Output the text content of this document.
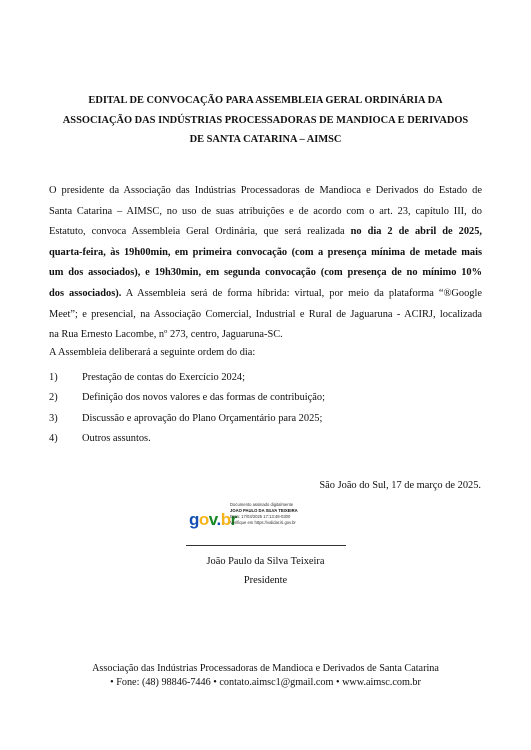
EDITAL DE CONVOCAÇÃO PARA ASSEMBLEIA GERAL ORDINÁRIA DA
ASSOCIAÇÃO DAS INDÚSTRIAS PROCESSADORAS DE MANDIOCA E DERIVADOS
DE SANTA CATARINA – AIMSC
O presidente da Associação das Indústrias Processadoras de Mandioca e Derivados do Estado de
Santa Catarina – AIMSC, no uso de suas atribuições e de acordo com o art. 23, capítulo III, do
Estatuto, convoca Assembleia Geral Ordinária, que será realizada no dia 2 de abril de 2025,
quarta-feira, às 19h00min, em primeira convocação (com a presença mínima de metade mais
um dos associados), e 19h30min, em segunda convocação (com presença de no mínimo 10%
dos associados). A Assembleia será de forma híbrida: virtual, por meio da plataforma “®Google
Meet”; e presencial, na Associação Comercial, Industrial e Rural de Jaguaruna - ACIRJ, localizada
na Rua Ernesto Lacombe, nº 273, centro, Jaguaruna-SC.
A Assembleia deliberará a seguinte ordem do dia:
1)	Prestação de contas do Exercício 2024;
2)	Definição dos novos valores e das formas de contribuição;
3)	Discussão e aprovação do Plano Orçamentário para 2025;
4)	Outros assuntos.
São João do Sul, 17 de março de 2025.
gov.br
Documento assinado digitalmente
JOAO PAULO DA SILVA TEIXEIRA
Data: 17/03/2025 17:13:48-0300
Verifique em https://validar.iti.gov.br
João Paulo da Silva Teixeira
Presidente
Associação das Indústrias Processadoras de Mandioca e Derivados de Santa Catarina
• Fone: (48) 98846-7446 • contato.aimsc1@gmail.com • www.aimsc.com.br
